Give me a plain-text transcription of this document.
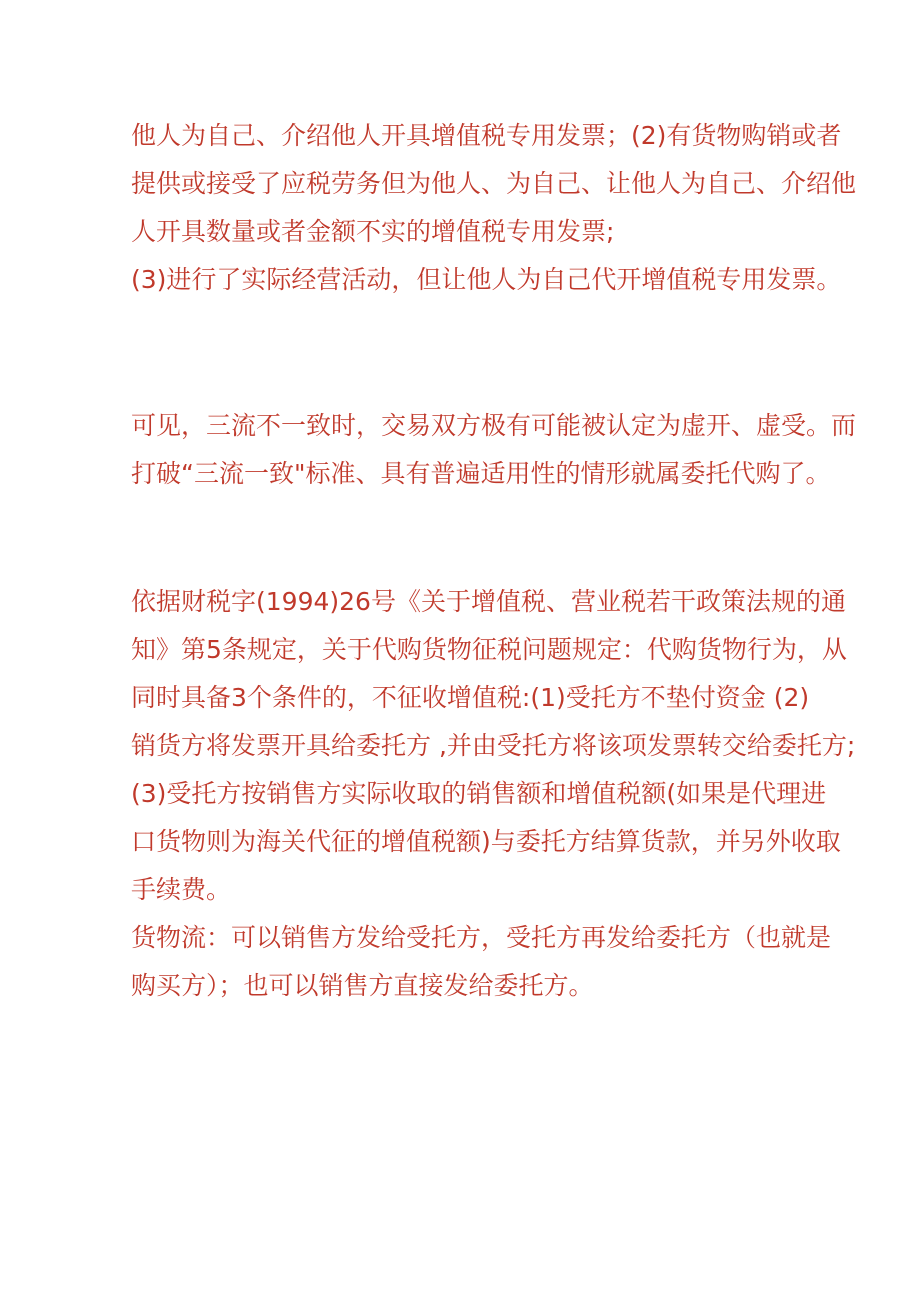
他人为自己、介绍他人开具增值税专用发票；(2)有货物购销或者
提供或接受了应税劳务但为他人、为自己、让他人为自己、介绍他
人开具数量或者金额不实的增值税专用发票;
(3)进行了实际经营活动，但让他人为自己代开增值税专用发票。
可见，三流不一致时，交易双方极有可能被认定为虚开、虚受。而
打破“三流一致"标准、具有普遍适用性的情形就属委托代购了。
依据财税字(1994)26号《关于增值税、营业税若干政策法规的通
知》第5条规定，关于代购货物征税问题规定：代购货物行为，从
同时具备3个条件的，不征收增值税:(1)受托方不垫付资金 (2)
销货方将发票开具给委托方 ,并由受托方将该项发票转交给委托方;
(3)受托方按销售方实际收取的销售额和增值税额(如果是代理进
口货物则为海关代征的增值税额)与委托方结算货款，并另外收取
手续费。
货物流：可以销售方发给受托方，受托方再发给委托方（也就是
购买方）；也可以销售方直接发给委托方。
